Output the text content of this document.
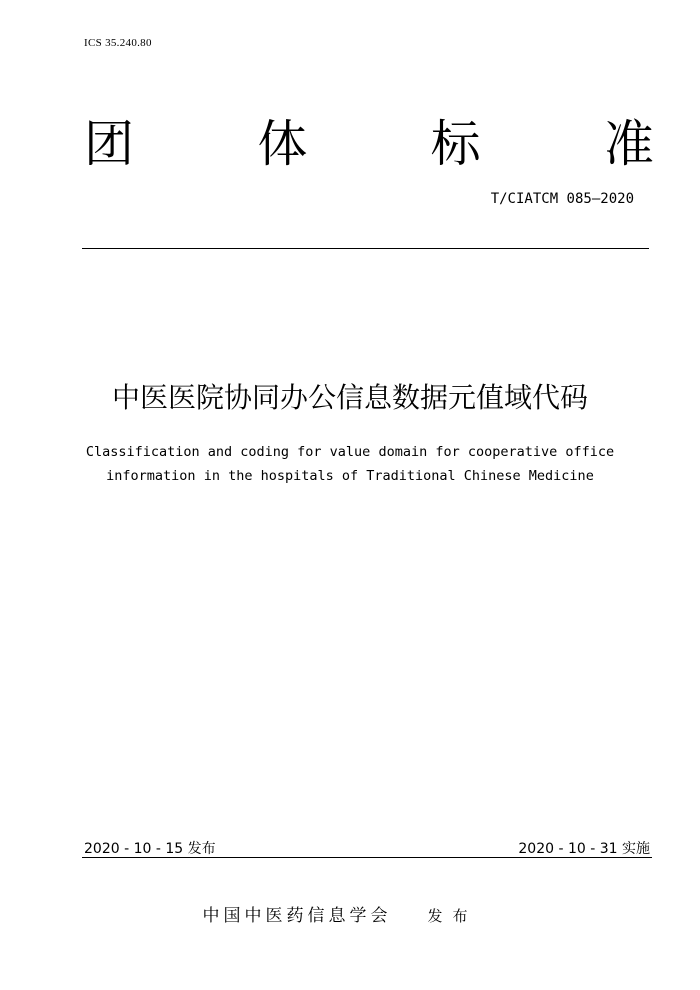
ICS 35.240.80
团 体 标 准
T/CIATCM 085—2020
中医医院协同办公信息数据元值域代码
Classification and coding for value domain for cooperative office
information in the hospitals of Traditional Chinese Medicine
2020 - 10 - 15 发布	2020 - 10 - 31 实施
中国中医药信息学会 发布
